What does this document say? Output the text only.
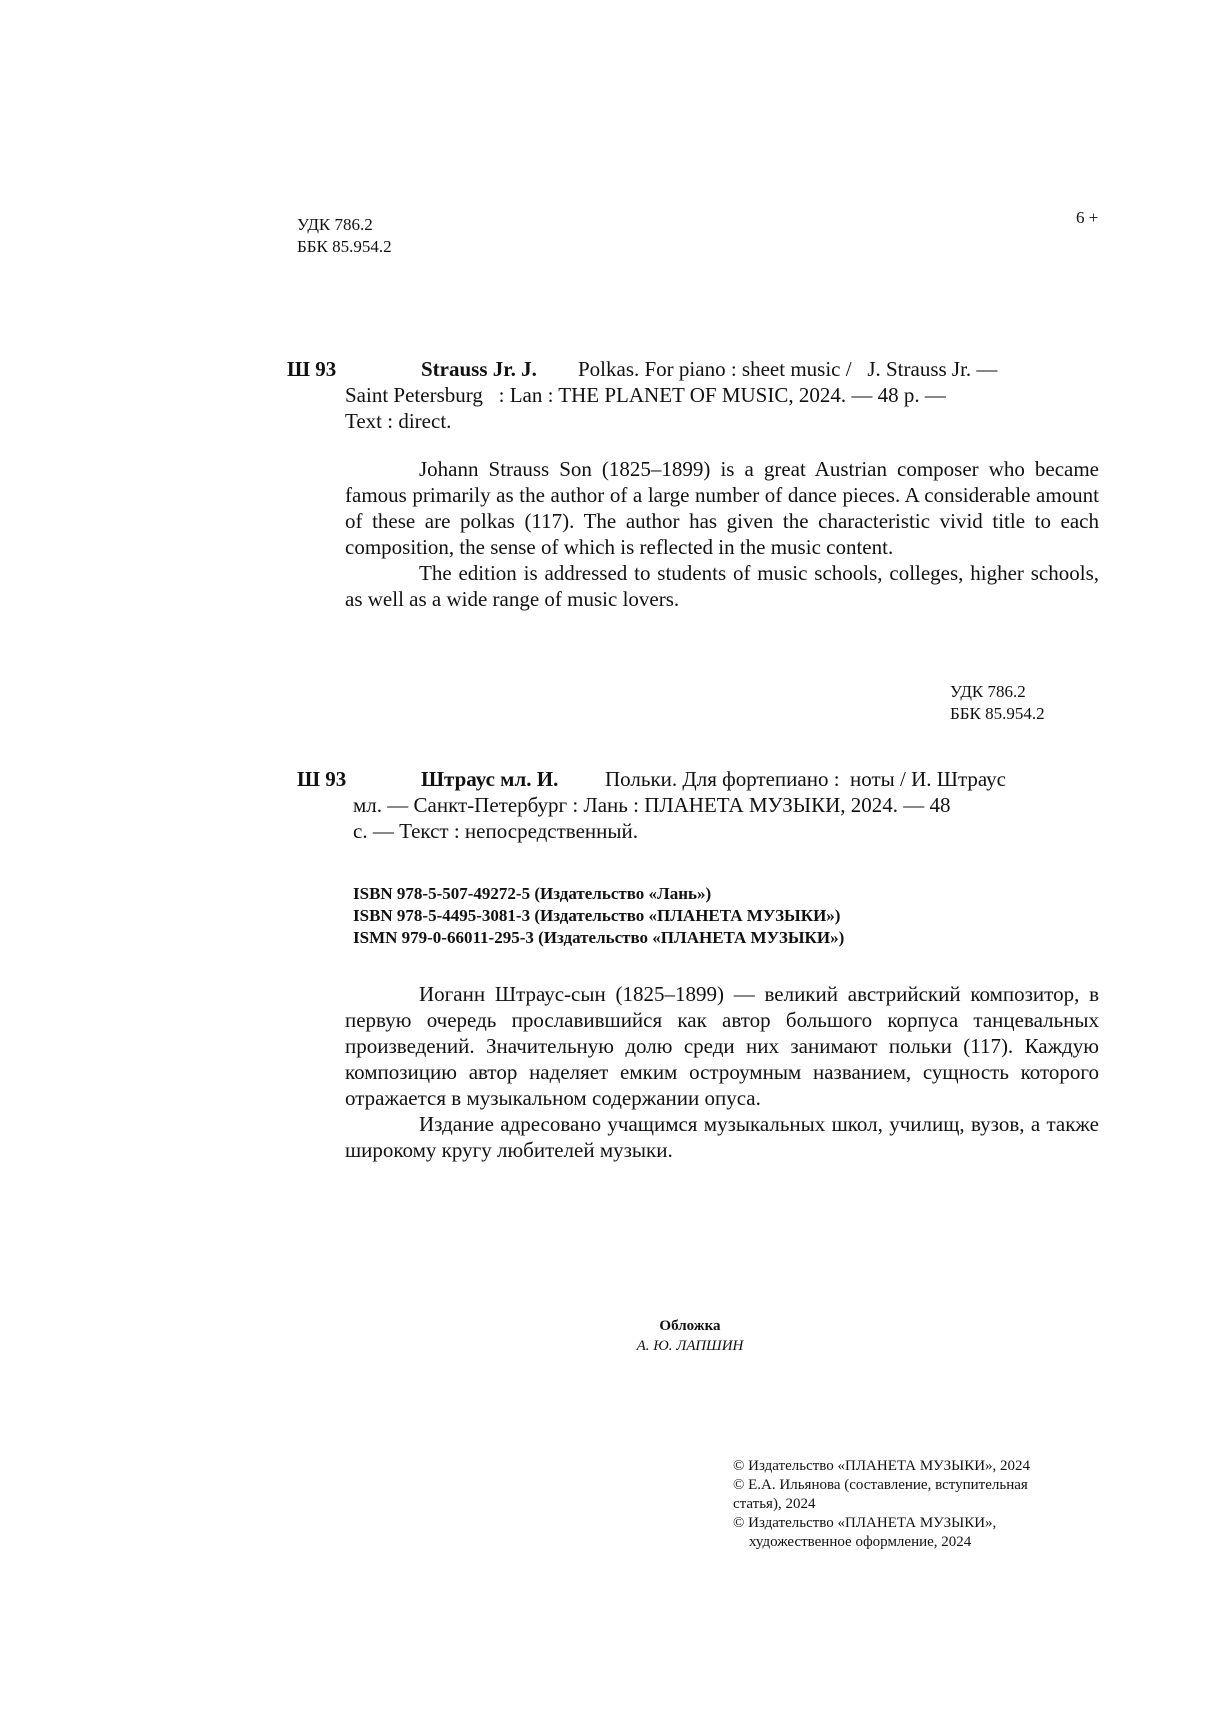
УДК 786.2
ББК 85.954.2
6 +
Ш 93	Strauss Jr. J. Polkas. For piano : sheet music /   J. Strauss Jr. —
Saint Petersburg   : Lan : THE PLANET OF MUSIC, 2024. — 48 p. —
Text : direct.
Johann Strauss Son (1825–1899) is a great Austrian composer who became famous primarily as the author of a large number of dance pieces. A considerable amount   of these are polkas (117). The author has given the characteristic vivid title to each composition, the sense of which is reflected in the music content.
The edition is addressed to students of music schools, colleges, higher schools, as well as a wide range of music lovers.
УДК 786.2
ББК 85.954.2
Ш 93	Штраус мл. И. Польки. Для фортепиано :  ноты / И. Штраус
мл. — Санкт-Петербург : Лань : ПЛАНЕТА МУЗЫКИ, 2024. — 48
с. — Текст : непосредственный.
ISBN 978-5-507-49272-5 (Издательство «Лань»)
ISBN 978-5-4495-3081-3 (Издательство «ПЛАНЕТА МУЗЫКИ»)
ISMN 979-0-66011-295-3 (Издательство «ПЛАНЕТА МУЗЫКИ»)
Иоганн Штраус-сын (1825–1899) — великий австрийский композитор, в первую очередь прославившийся как автор большого корпуса танцевальных произведений. Значительную долю среди них занимают польки (117). Каждую композицию автор наделяет емким остроумным названием, сущность которого отражается в музыкальном содержании опуса.
Издание адресовано учащимся музыкальных школ, училищ, вузов, а также широкому кругу любителей музыки.
Обложка
А. Ю. ЛАПШИН
© Издательство «ПЛАНЕТА МУЗЫКИ», 2024
© Е.А. Ильянова (составление, вступительная статья), 2024
© Издательство «ПЛАНЕТА МУЗЫКИ»,
художественное оформление, 2024
